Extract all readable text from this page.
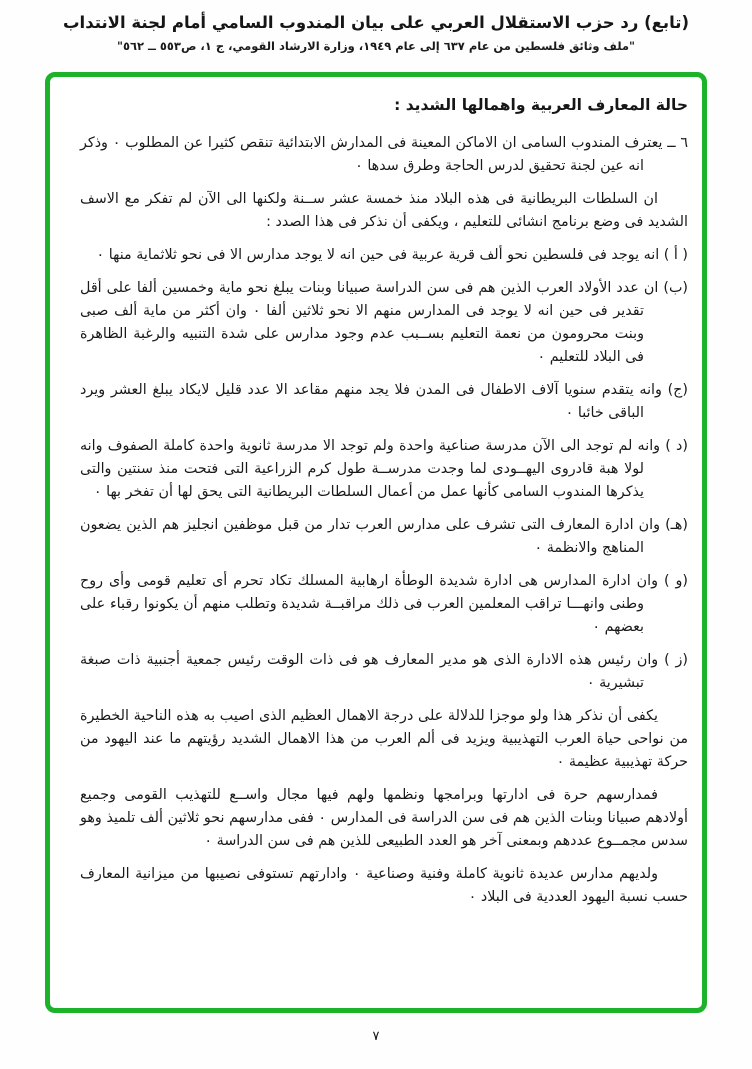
(تابع) رد حزب الاستقلال العربي على بيان المندوب السامي أمام لجنة الانتداب
"ملف وثائق فلسطين من عام ٦٣٧ إلى عام ١٩٤٩، وزارة الارشاد القومي، ج ١، ص٥٥٣ ــ ٥٦٢"
حالة المعارف العربية واهمالها الشديد :

٦ ــ يعترف المندوب السامى ان الاماكن المعينة فى المدارش الابتدائية تنقص كثيرا عن المطلوب ٠ وذكر انه عين لجنة تحقيق لدرس الحاجة وطرق سدها ٠

ان السلطات البريطانية فى هذه البلاد منذ خمسة عشر ســنة ولكنها الى الآن لم تفكر مع الاسف الشديد فى وضع برنامج انشائى للتعليم ، ويكفى أن نذكر فى هذا الصدد :

( أ ) انه يوجد فى فلسطين نحو ألف قرية عربية فى حين انه لا يوجد مدارس الا فى نحو ثلاثماية منها ٠

(ب) ان عدد الأولاد العرب الذين هم فى سن الدراسة صبيانا وبنات يبلغ نحو ماية وخمسين ألفا على أقل تقدير فى حين انه لا يوجد فى المدارس منهم الا نحو ثلاثين ألفا ٠ وان أكثر من ماية ألف صبى وبنت محرومون من نعمة التعليم بســبب عدم وجود مدارس على شدة التنبيه والرغبة الظاهرة فى البلاد للتعليم ٠

(ج) وانه يتقدم سنويا آلاف الاطفال فى المدن فلا يجد منهم مقاعد الا عدد قليل لايكاد يبلغ العشر ويرد الباقى خائبا ٠

(د ) وانه لم توجد الى الآن مدرسة صناعية واحدة ولم توجد الا مدرسة ثانوية واحدة كاملة الصفوف وانه لولا هبة قادروى اليهــودى لما وجدت مدرســة طول كرم الزراعية التى فتحت منذ سنتين والتى يذكرها المندوب السامى كأنها عمل من أعمال السلطات البريطانية التى يحق لها أن تفخر بها ٠

(هـ) وان ادارة المعارف التى تشرف على مدارس العرب تدار من قبل موظفين انجليز هم الذين يضعون المناهج والانظمة ٠

(و ) وان ادارة المدارس هى ادارة شديدة الوطأة ارهابية المسلك تكاد تحرم أى تعليم قومى وأى روح وطنى وانهـــا تراقب المعلمين العرب فى ذلك مراقبــة شديدة وتطلب منهم أن يكونوا رقباء على بعضهم ٠

(ز ) وان رئيس هذه الادارة الذى هو مدير المعارف هو فى ذات الوقت رئيس جمعية أجنبية ذات صبغة تبشيرية ٠

يكفى أن نذكر هذا ولو موجزا للدلالة على درجة الاهمال العظيم الذى اصيب به هذه الناحية الخطيرة من نواحى حياة العرب التهذيبية ويزيد فى ألم العرب من هذا الاهمال الشديد رؤيتهم ما عند اليهود من حركة تهذيبية عظيمة ٠

فمدارسهم حرة فى ادارتها وبرامجها ونظمها ولهم فيها مجال واســع للتهذيب القومى وجميع أولادهم صبيانا وبنات الذين هم فى سن الدراسة فى المدارس ٠ ففى مدارسهم نحو ثلاثين ألف تلميذ وهو سدس مجمــوع عددهم وبمعنى آخر هو العدد الطبيعى للذين هم فى سن الدراسة ٠

ولديهم مدارس عديدة ثانوية كاملة وفنية وصناعية ٠ وادارتهم تستوفى نصيبها من ميزانية المعارف حسب نسبة اليهود العددية فى البلاد ٠

٧
